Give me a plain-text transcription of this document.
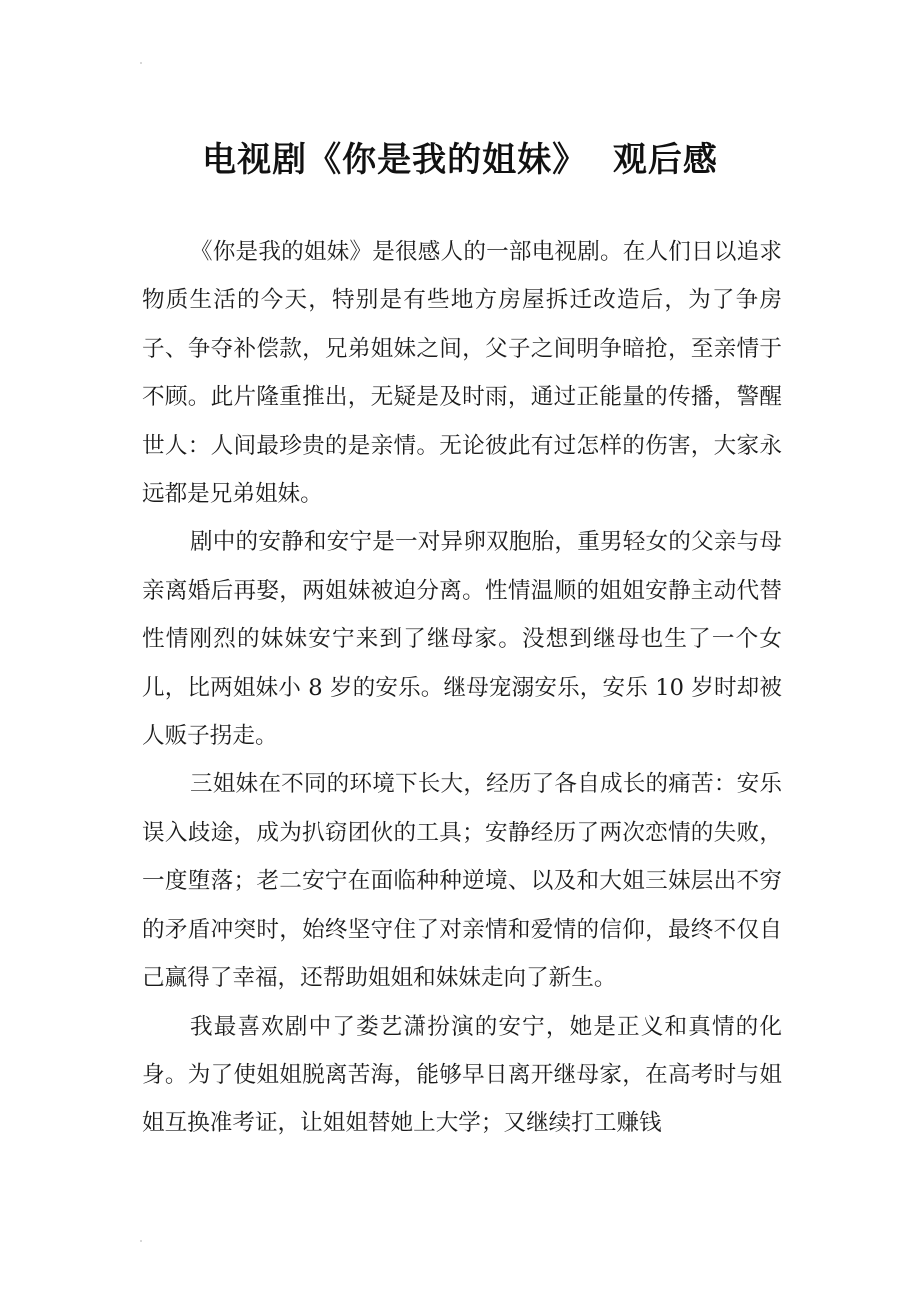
电视剧《你是我的姐妹》  观后感

《你是我的姐妹》是很感人的一部电视剧。在人们日以追求物质生活的今天，特别是有些地方房屋拆迁改造后，为了争房子、争夺补偿款，兄弟姐妹之间，父子之间明争暗抢，至亲情于不顾。此片隆重推出，无疑是及时雨，通过正能量的传播，警醒世人：人间最珍贵的是亲情。无论彼此有过怎样的伤害，大家永远都是兄弟姐妹。

剧中的安静和安宁是一对异卵双胞胎，重男轻女的父亲与母亲离婚后再娶，两姐妹被迫分离。性情温顺的姐姐安静主动代替性情刚烈的妹妹安宁来到了继母家。没想到继母也生了一个女儿，比两姐妹小 8 岁的安乐。继母宠溺安乐，安乐 10 岁时却被人贩子拐走。

三姐妹在不同的环境下长大，经历了各自成长的痛苦：安乐误入歧途，成为扒窃团伙的工具；安静经历了两次恋情的失败，一度堕落；老二安宁在面临种种逆境、以及和大姐三妹层出不穷的矛盾冲突时，始终坚守住了对亲情和爱情的信仰，最终不仅自己赢得了幸福，还帮助姐姐和妹妹走向了新生。

我最喜欢剧中了娄艺潇扮演的安宁，她是正义和真情的化身。为了使姐姐脱离苦海，能够早日离开继母家，在高考时与姐姐互换准考证，让姐姐替她上大学；又继续打工赚钱
